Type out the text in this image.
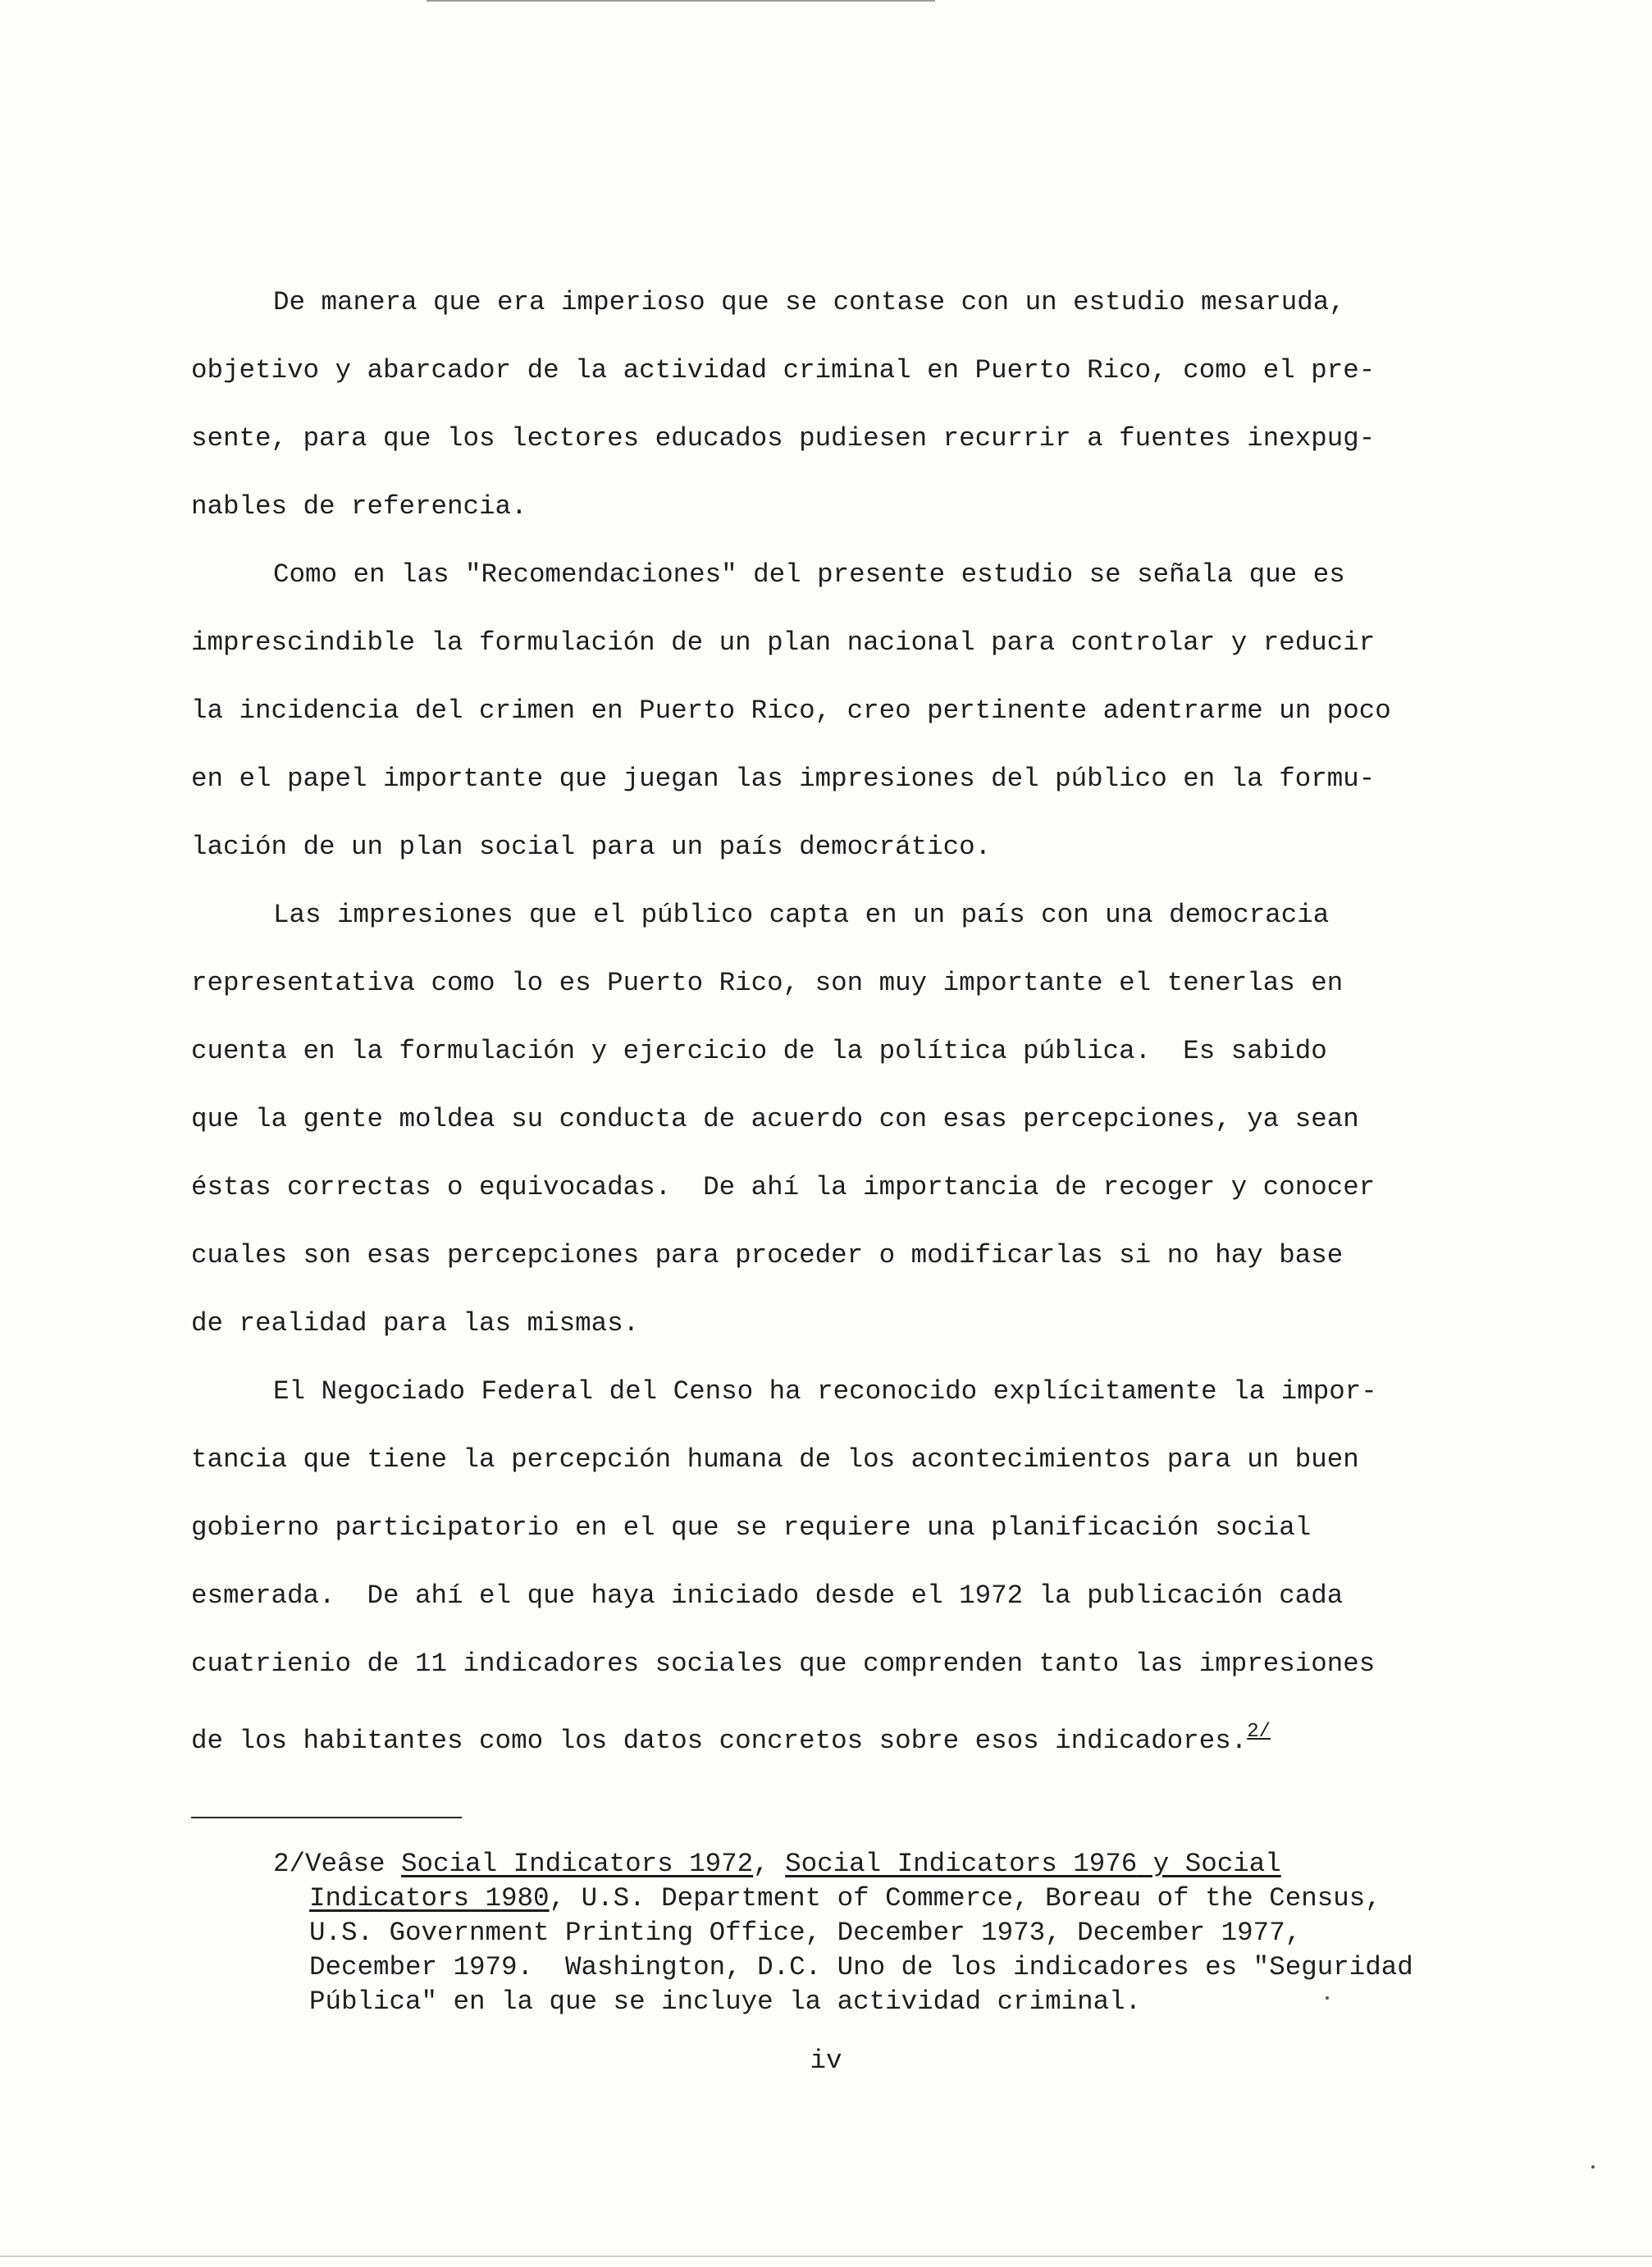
De manera que era imperioso que se contase con un estudio mesaruda,
objetivo y abarcador de la actividad criminal en Puerto Rico, como el pre-
sente, para que los lectores educados pudiesen recurrir a fuentes inexpug-
nables de referencia.
Como en las "Recomendaciones" del presente estudio se señala que es
imprescindible la formulación de un plan nacional para controlar y reducir
la incidencia del crimen en Puerto Rico, creo pertinente adentrarme un poco
en el papel importante que juegan las impresiones del público en la formu-
lación de un plan social para un país democrático.
Las impresiones que el público capta en un país con una democracia
representativa como lo es Puerto Rico, son muy importante el tenerlas en
cuenta en la formulación y ejercicio de la política pública.  Es sabido
que la gente moldea su conducta de acuerdo con esas percepciones, ya sean
éstas correctas o equivocadas.  De ahí la importancia de recoger y conocer
cuales son esas percepciones para proceder o modificarlas si no hay base
de realidad para las mismas.
El Negociado Federal del Censo ha reconocido explícitamente la impor-
tancia que tiene la percepción humana de los acontecimientos para un buen
gobierno participatorio en el que se requiere una planificación social
esmerada.  De ahí el que haya iniciado desde el 1972 la publicación cada
cuatrienio de 11 indicadores sociales que comprenden tanto las impresiones
de los habitantes como los datos concretos sobre esos indicadores.$^{2/}$
2/Veâse Social Indicators 1972, Social Indicators 1976 y Social
Indicators 1980, U.S. Department of Commerce, Boreau of the Census,
U.S. Government Printing Office, December 1973, December 1977,
December 1979.  Washington, D.C. Uno de los indicadores es "Seguridad
Pública" en la que se incluye la actividad criminal.
iv
